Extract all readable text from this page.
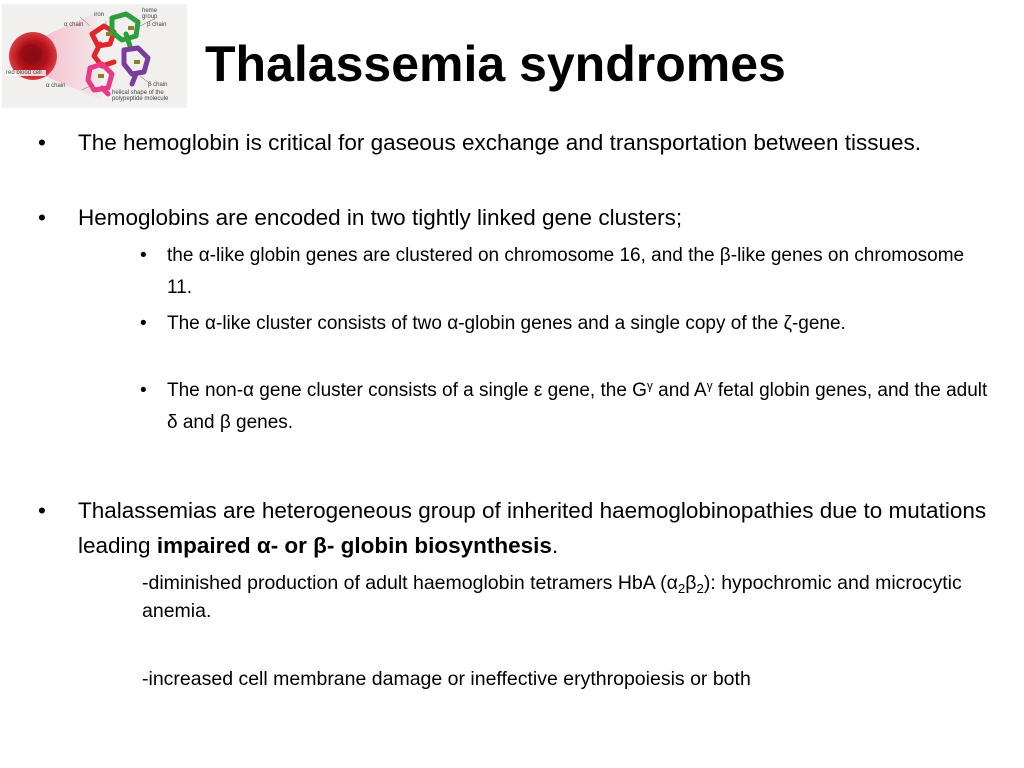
α chain
iron
heme group
β chain
red blood cell
α chain	β chain
helical shape of the polypeptide molecule
Thalassemia syndromes
• The hemoglobin is critical for gaseous exchange and transportation between tissues.
• Hemoglobins are encoded in two tightly linked gene clusters;
• the α-like globin genes are clustered on chromosome 16, and the β-like genes on chromosome 11.
• The α-like cluster consists of two α-globin genes and a single copy of the ζ-gene.
• The non-α gene cluster consists of a single ε gene, the $G^\gamma$ and $A^\gamma$ fetal globin genes, and the adult δ and β genes.
• Thalassemias are heterogeneous group of inherited haemoglobinopathies due to mutations leading impaired α- or β- globin biosynthesis.
-diminished production of adult haemoglobin tetramers HbA $(\alpha_2\beta_2)$: hypochromic and microcytic anemia.
-increased cell membrane damage or ineffective erythropoiesis or both
